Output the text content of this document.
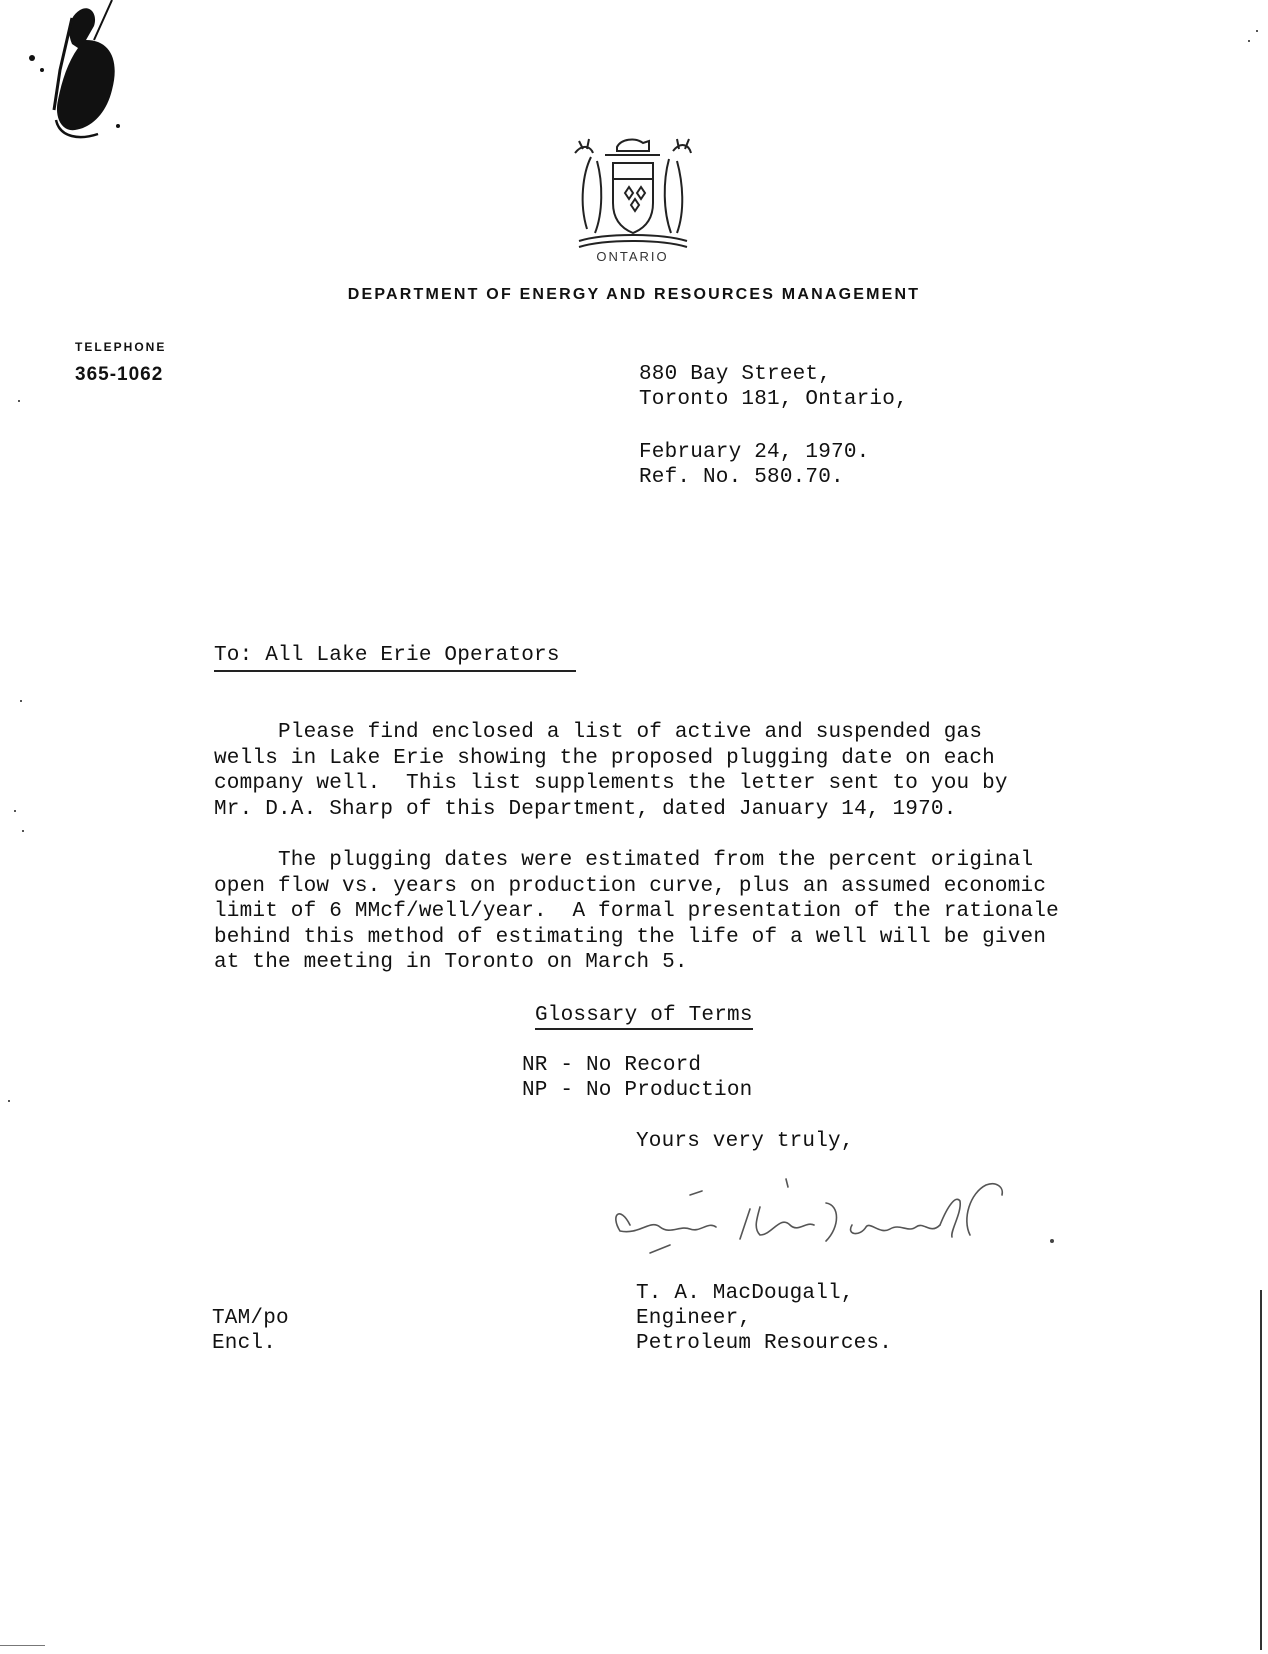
ONTARIO
DEPARTMENT OF ENERGY AND RESOURCES MANAGEMENT
TELEPHONE
365-1062	880 Bay Street,
Toronto 181, Ontario,
February 24, 1970.
Ref. No. 580.70.
To: All Lake Erie Operators
Please find enclosed a list of active and suspended gas
wells in Lake Erie showing the proposed plugging date on each
company well.  This list supplements the letter sent to you by
Mr. D.A. Sharp of this Department, dated January 14, 1970.
The plugging dates were estimated from the percent original
open flow vs. years on production curve, plus an assumed economic
limit of 6 MMcf/well/year.  A formal presentation of the rationale
behind this method of estimating the life of a well will be given
at the meeting in Toronto on March 5.
Glossary of Terms
NR - No Record
NP - No Production
Yours very truly,
T. A. MacDougall,
Engineer,
Petroleum Resources.
TAM/po
Encl.
